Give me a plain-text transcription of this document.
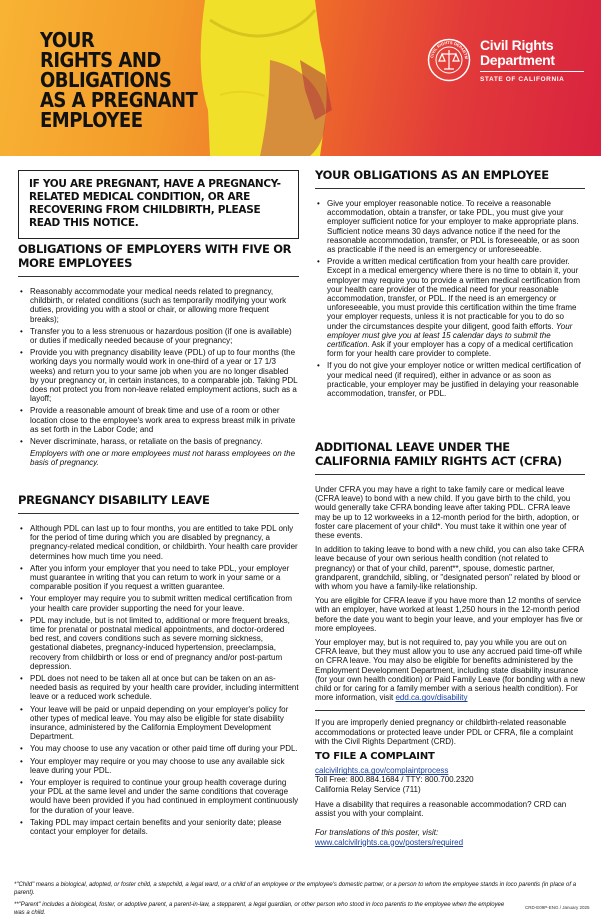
YOUR
RIGHTS AND
OBLIGATIONS
AS A PREGNANT
EMPLOYEE
CIVIL RIGHTS DEPARTM
Civil Rights
Department
STATE OF CALIFORNIA
IF YOU ARE PREGNANT, HAVE A PREGNANCY-RELATED MEDICAL CONDITION, OR ARE RECOVERING FROM CHILDBIRTH, PLEASE READ THIS NOTICE.
OBLIGATIONS OF EMPLOYERS WITH FIVE OR MORE EMPLOYEES
• Reasonably accommodate your medical needs related to pregnancy, childbirth, or related conditions (such as temporarily modifying your work duties, providing you with a stool or chair, or allowing more frequent breaks);
• Transfer you to a less strenuous or hazardous position (if one is available) or duties if medically needed because of your pregnancy;
• Provide you with pregnancy disability leave (PDL) of up to four months (the working days you normally would work in one-third of a year or 17 1/3 weeks) and return you to your same job when you are no longer disabled by your pregnancy or, in certain instances, to a comparable job. Taking PDL does not protect you from non-leave related employment actions, such as a layoff;
• Provide a reasonable amount of break time and use of a room or other location close to the employee's work area to express breast milk in private as set forth in the Labor Code; and
• Never discriminate, harass, or retaliate on the basis of pregnancy.
Employers with one or more employees must not harass employees on the basis of pregnancy.
PREGNANCY DISABILITY LEAVE
• Although PDL can last up to four months, you are entitled to take PDL only for the period of time during which you are disabled by pregnancy, a pregnancy-related medical condition, or childbirth. Your health care provider determines how much time you need.
• After you inform your employer that you need to take PDL, your employer must guarantee in writing that you can return to work in your same or a comparable position if you request a written guarantee.
• Your employer may require you to submit written medical certification from your health care provider supporting the need for your leave.
• PDL may include, but is not limited to, additional or more frequent breaks, time for prenatal or postnatal medical appointments, and doctor-ordered bed rest, and covers conditions such as severe morning sickness, gestational diabetes, pregnancy-induced hypertension, preeclampsia, recovery from childbirth or loss or end of pregnancy and/or post-partum depression.
• PDL does not need to be taken all at once but can be taken on an as-needed basis as required by your health care provider, including intermittent leave or a reduced work schedule.
• Your leave will be paid or unpaid depending on your employer's policy for other types of medical leave. You may also be eligible for state disability insurance, administered by the California Employment Development Department.
• You may choose to use any vacation or other paid time off during your PDL.
• Your employer may require or you may choose to use any available sick leave during your PDL.
• Your employer is required to continue your group health coverage during your PDL at the same level and under the same conditions that coverage would have been provided if you had continued in employment continuously for the duration of your leave.
• Taking PDL may impact certain benefits and your seniority date; please contact your employer for details.
YOUR OBLIGATIONS AS AN EMPLOYEE
• Give your employer reasonable notice. To receive a reasonable accommodation, obtain a transfer, or take PDL, you must give your employer sufficient notice for your employer to make appropriate plans. Sufficient notice means 30 days advance notice if the need for the reasonable accommodation, transfer, or PDL is foreseeable, or as soon as practicable if the need is an emergency or unforeseeable.
• Provide a written medical certification from your health care provider. Except in a medical emergency where there is no time to obtain it, your employer may require you to provide a written medical certification from your health care provider of the medical need for your reasonable accommodation, transfer, or PDL. If the need is an emergency or unforeseeable, you must provide this certification within the time frame your employer requests, unless it is not practicable for you to do so under the circumstances despite your diligent, good faith efforts. Your employer must give you at least 15 calendar days to submit the certification. Ask if your employer has a copy of a medical certification form for your health care provider to complete.
• If you do not give your employer notice or written medical certification of your medical need (if required), either in advance or as soon as practicable, your employer may be justified in delaying your reasonable accommodation, transfer, or PDL.
ADDITIONAL LEAVE UNDER THE CALIFORNIA FAMILY RIGHTS ACT (CFRA)

Under CFRA you may have a right to take family care or medical leave (CFRA leave) to bond with a new child. If you gave birth to the child, you would generally take CFRA bonding leave after taking PDL. CFRA leave may be up to 12 workweeks in a 12-month period for the birth, adoption, or foster care placement of your child*. You must take it within one year of these events.

In addition to taking leave to bond with a new child, you can also take CFRA leave because of your own serious health condition (not related to pregnancy) or that of your child, parent**, spouse, domestic partner, grandparent, grandchild, sibling, or "designated person" related by blood or with whom you have a family-like relationship.

You are eligible for CFRA leave if you have more than 12 months of service with an employer, have worked at least 1,250 hours in the 12-month period before the date you want to begin your leave, and your employer has five or more employees.

Your employer may, but is not required to, pay you while you are out on CFRA leave, but they must allow you to use any accrued paid time-off while on CFRA leave. You may also be eligible for benefits administered by the Employment Development Department, including state disability insurance (for your own health condition) or Paid Family Leave (for bonding with a new child or for caring for a family member with a serious health condition). For more information, visit edd.ca.gov/disability

If you are improperly denied pregnancy or childbirth-related reasonable accommodations or protected leave under PDL or CFRA, file a complaint with the Civil Rights Department (CRD).

TO FILE A COMPLAINT
calcivilrights.ca.gov/complaintprocess
Toll Free: 800.884.1684 / TTY: 800.700.2320
California Relay Service (711)

Have a disability that requires a reasonable accommodation? CRD can assist you with your complaint.

For translations of this poster, visit:
www.calcivilrights.ca.gov/posters/required
*"Child" means a biological, adopted, or foster child, a stepchild, a legal ward, or a child of an employee or the employee's domestic partner, or a person to whom the employee stands in loco parentis (in place of a parent).
**"Parent" includes a biological, foster, or adoptive parent, a parent-in-law, a stepparent, a legal guardian, or other person who stood in loco parentis to the employee when the employee was a child.
CRD-E09P-ENG / January 2025
